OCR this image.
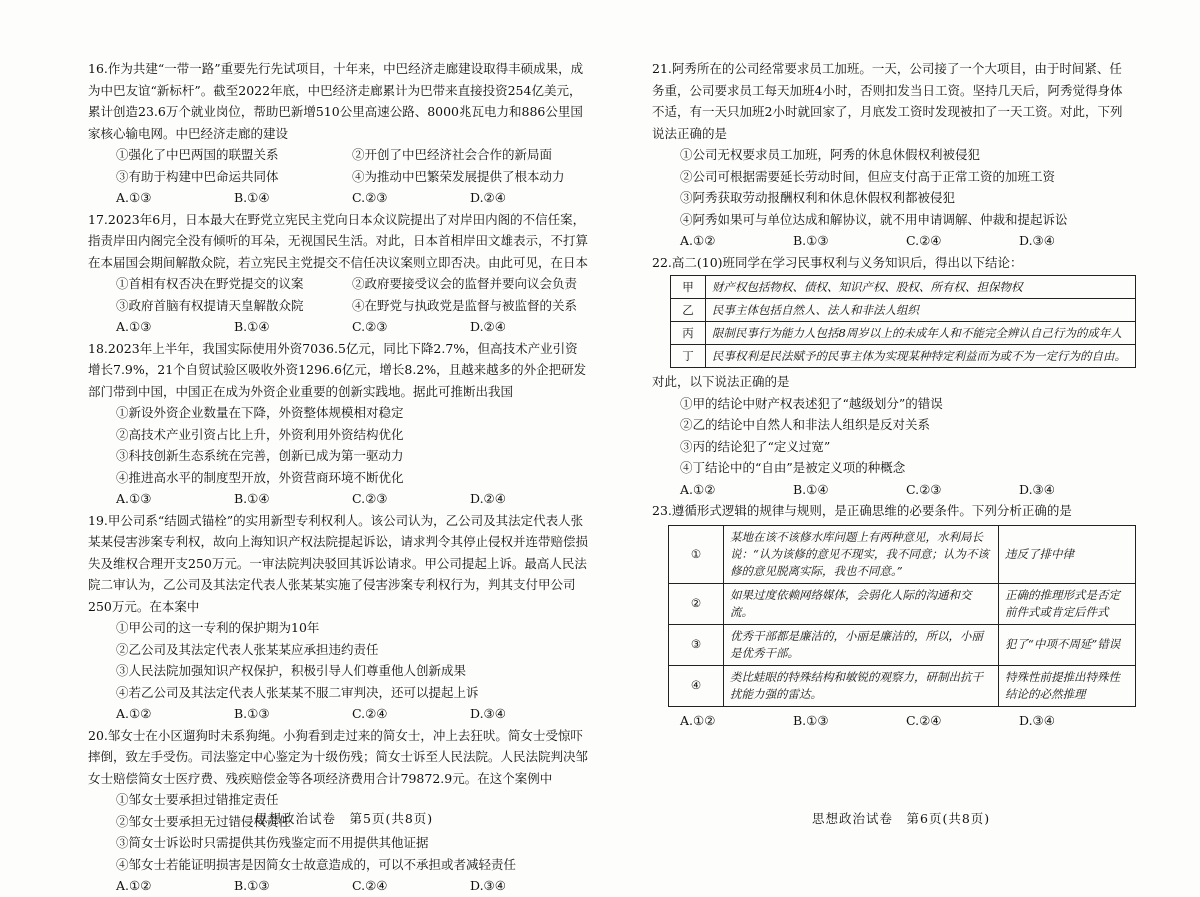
16.作为共建“一带一路”重要先行先试项目，十年来，中巴经济走廊建设取得丰硕成果，成为中巴友谊“新标杆”。截至2022年底，中巴经济走廊累计为巴带来直接投资254亿美元，累计创造23.6万个就业岗位，帮助巴新增510公里高速公路、8000兆瓦电力和886公里国家核心输电网。中巴经济走廊的建设

①强化了中巴两国的联盟关系	②开创了中巴经济社会合作的新局面
③有助于构建中巴命运共同体	④为推动中巴繁荣发展提供了根本动力
A.①③	B.①④	C.②③	D.②④

17.2023年6月，日本最大在野党立宪民主党向日本众议院提出了对岸田内阁的不信任案，指责岸田内阁完全没有倾听的耳朵，无视国民生活。对此，日本首相岸田文雄表示，不打算在本届国会期间解散众院，若立宪民主党提交不信任决议案则立即否决。由此可见，在日本

①首相有权否决在野党提交的议案	②政府要接受议会的监督并要向议会负责
③政府首脑有权提请天皇解散众院	④在野党与执政党是监督与被监督的关系
A.①③	B.①④	C.②③	D.②④

18.2023年上半年，我国实际使用外资7036.5亿元，同比下降2.7%，但高技术产业引资增长7.9%，21个自贸试验区吸收外资1296.6亿元，增长8.2%，且越来越多的外企把研发部门带到中国，中国正在成为外资企业重要的创新实践地。据此可推断出我国

①新设外资企业数量在下降，外资整体规模相对稳定

②高技术产业引资占比上升，外资利用外资结构优化

③科技创新生态系统在完善，创新已成为第一驱动力

④推进高水平的制度型开放，外资营商环境不断优化

A.①③	B.①④	C.②③	D.②④

19.甲公司系“结圆式锚栓”的实用新型专利权利人。该公司认为，乙公司及其法定代表人张某某侵害涉案专利权，故向上海知识产权法院提起诉讼，请求判令其停止侵权并连带赔偿损失及维权合理开支250万元。一审法院判决驳回其诉讼请求。甲公司提起上诉。最高人民法院二审认为，乙公司及其法定代表人张某某实施了侵害涉案专利权行为，判其支付甲公司250万元。在本案中

①甲公司的这一专利的保护期为10年

②乙公司及其法定代表人张某某应承担违约责任

③人民法院加强知识产权保护，积极引导人们尊重他人创新成果

④若乙公司及其法定代表人张某某不服二审判决，还可以提起上诉

A.①②	B.①③	C.②④	D.③④

20.邹女士在小区遛狗时未系狗绳。小狗看到走过来的简女士，冲上去狂吠。简女士受惊吓摔倒，致左手受伤。司法鉴定中心鉴定为十级伤残；简女士诉至人民法院。人民法院判决邹女士赔偿简女士医疗费、残疾赔偿金等各项经济费用合计79872.9元。在这个案例中

①邹女士要承担过错推定责任

②邹女士要承担无过错侵权责任

③简女士诉讼时只需提供其伤残鉴定而不用提供其他证据

④邹女士若能证明损害是因简女士故意造成的，可以不承担或者减轻责任

A.①②	B.①③	C.②④	D.③④
思想政治试卷　第5页(共8页)

21.阿秀所在的公司经常要求员工加班。一天，公司接了一个大项目，由于时间紧、任务重，公司要求员工每天加班4小时，否则扣发当日工资。坚持几天后，阿秀觉得身体不适，有一天只加班2小时就回家了，月底发工资时发现被扣了一天工资。对此，下列说法正确的是

①公司无权要求员工加班，阿秀的休息休假权利被侵犯

②公司可根据需要延长劳动时间，但应支付高于正常工资的加班工资

③阿秀获取劳动报酬权利和休息休假权利都被侵犯

④阿秀如果可与单位达成和解协议，就不用申请调解、仲裁和提起诉讼

A.①②	B.①③	C.②④	D.③④

22.高二(10)班同学在学习民事权利与义务知识后，得出以下结论：

甲	财产权包括物权、债权、知识产权、股权、所有权、担保物权
乙	民事主体包括自然人、法人和非法人组织
丙	限制民事行为能力人包括8周岁以上的未成年人和不能完全辨认自己行为的成年人
丁	民事权利是民法赋予的民事主体为实现某种特定利益而为或不为一定行为的自由。

对此，以下说法正确的是

①甲的结论中财产权表述犯了“越级划分”的错误

②乙的结论中自然人和非法人组织是反对关系

③丙的结论犯了“定义过宽”

④丁结论中的“自由”是被定义项的种概念

A.①②	B.①④	C.②③	D.③④

23.遵循形式逻辑的规律与规则，是正确思维的必要条件。下列分析正确的是

①	某地在该不该修水库问题上有两种意见，水利局长说：“认为该修的意见不现实，我不同意；认为不该修的意见脱离实际，我也不同意。”	违反了排中律
②	如果过度依赖网络媒体，会弱化人际的沟通和交流。	正确的推理形式是否定前件式或肯定后件式
③	优秀干部都是廉洁的，小丽是廉洁的，所以，小丽是优秀干部。	犯了“中项不周延”错误
④	类比蛙眼的特殊结构和敏锐的观察力，研制出抗干扰能力强的雷达。	特殊性前提推出特殊性结论的必然推理
A.①②	B.①③	C.②④	D.③④
思想政治试卷　第6页(共8页)
